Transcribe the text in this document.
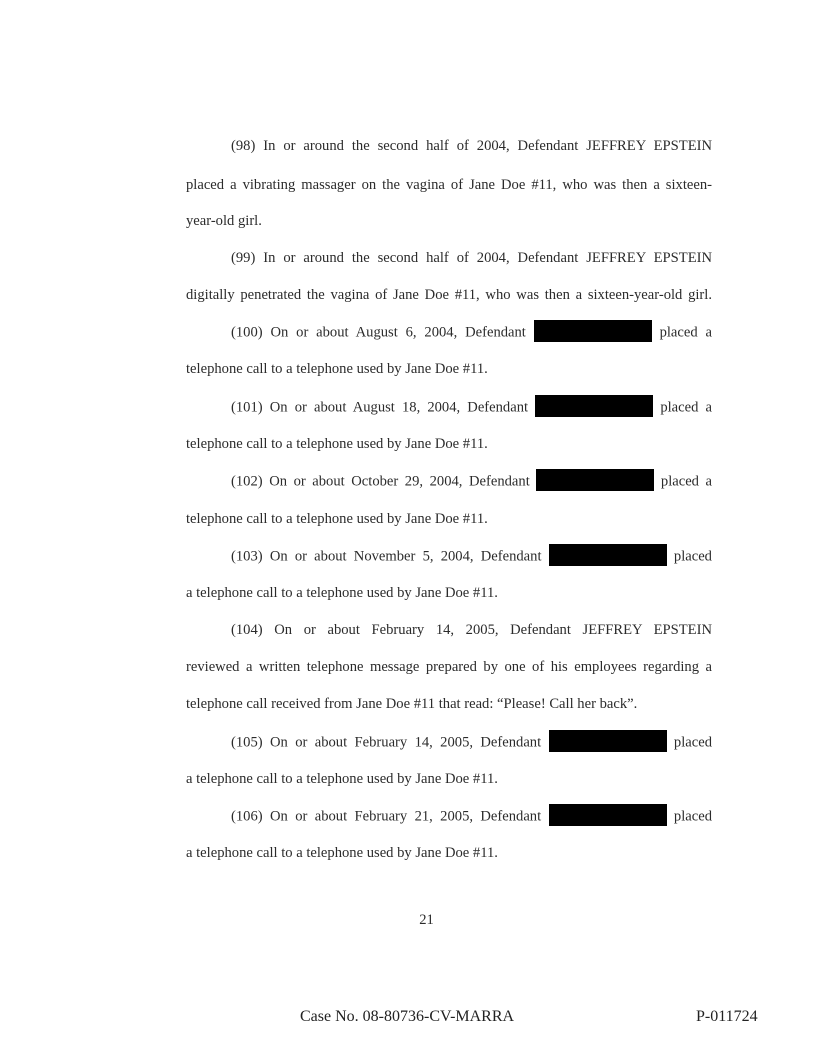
(98) In or around the second half of 2004, Defendant JEFFREY EPSTEIN
placed a vibrating massager on the vagina of Jane Doe #11, who was then a sixteen-
year-old girl.
(99) In or around the second half of 2004, Defendant JEFFREY EPSTEIN
digitally penetrated the vagina of Jane Doe #11, who was then a sixteen-year-old girl.
(100) On or about August 6, 2004, Defendant	placed a
telephone call to a telephone used by Jane Doe #11.
(101) On or about August 18, 2004, Defendant	placed a
telephone call to a telephone used by Jane Doe #11.
(102) On or about October 29, 2004, Defendant	placed a
telephone call to a telephone used by Jane Doe #11.
(103) On or about November 5, 2004, Defendant	placed
a telephone call to a telephone used by Jane Doe #11.
(104) On or about February 14, 2005, Defendant JEFFREY EPSTEIN
reviewed a written telephone message prepared by one of his employees regarding a
telephone call received from Jane Doe #11 that read: “Please! Call her back”.
(105) On or about February 14, 2005, Defendant	placed
a telephone call to a telephone used by Jane Doe #11.
(106) On or about February 21, 2005, Defendant	placed
a telephone call to a telephone used by Jane Doe #11.
21
Case No. 08-80736-CV-MARRA	P-011724
